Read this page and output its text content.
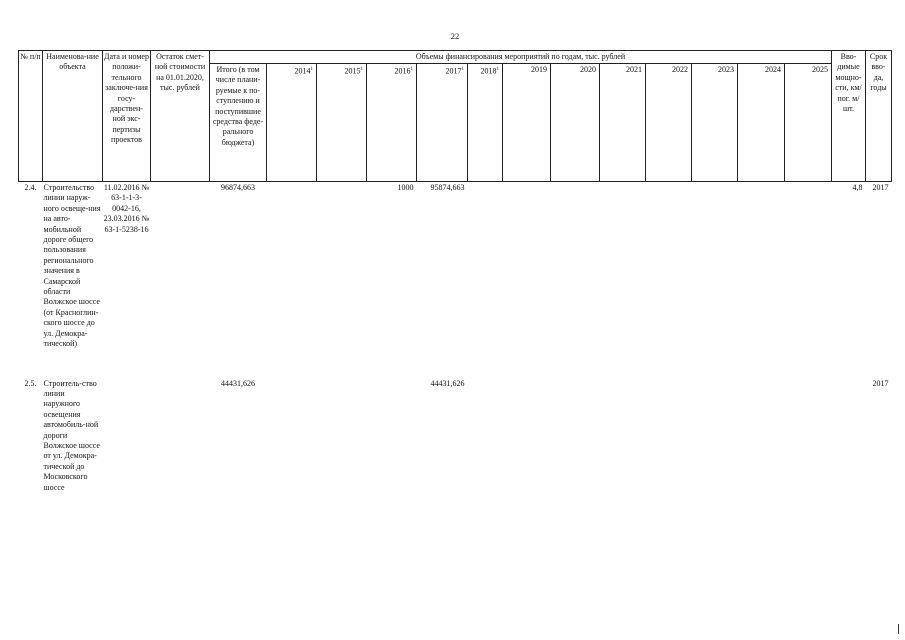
22
№ п/п	Наименова-ние объекта	Дата и номер положи-тельного заключе-ния госу-дарствен-ной экс-пертизы проектов	Остаток смет-ной стоимости на 01.01.2020, тыс. рублей	Объемы финансирования мероприятий по годам, тыс. рублей													Вво-димые мощно-сти, км/ пог. м/шт.	Срок вво-да, годы
				Итого (в том числе плани-руемые к по-ступлению и поступившие средства феде-рального бюджета)	2014$^1$	2015$^1$	2016$^1$	2017$^1$	2018$^1$	2019	2020	2021	2022	2023	2024	2025		
2.4.	Строительство линии наруж-ного освеще-ния на авто-мобильной дороге общего пользования регионального значения в Самарской области Волжское шоссе (от Красноглин-ского шоссе до ул. Демокра-тической)	11.02.2016 № 63-1-1-3-0042-16, 23.03.2016 № 63-1-5238-16		96874,663			1000	95874,663									4,8	2017
2.5.	Строитель-ство линии наружного освещения автомобиль-ной дороги Волжское шоссе от ул. Демокра-тической до Московского шоссе			44431,626				44431,626										2017
